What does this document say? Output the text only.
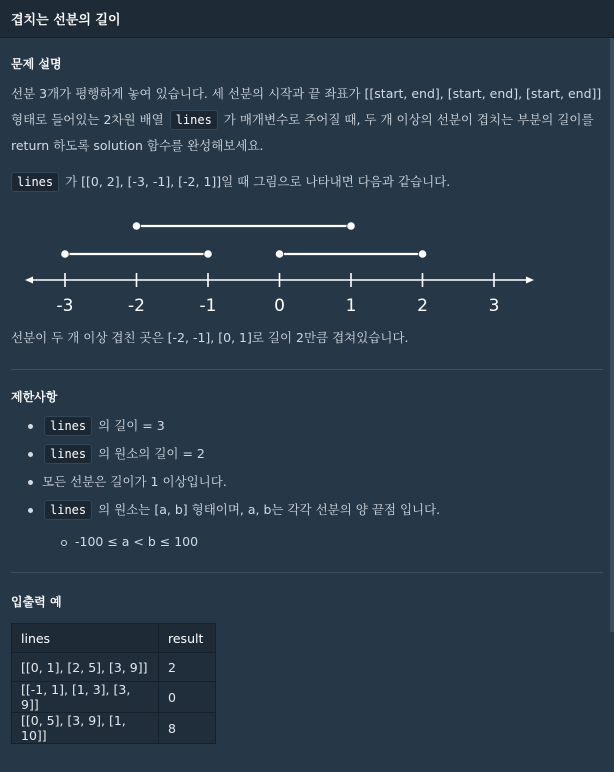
겹치는 선분의 길이
문제 설명

선분 3개가 평행하게 놓여 있습니다. 세 선분의 시작과 끝 좌표가 [[start, end], [start, end], [start, end]]

형태로 들어있는 2차원 배열 lines 가 매개변수로 주어질 때, 두 개 이상의 선분이 겹치는 부분의 길이를

return 하도록 solution 함수를 완성해보세요.

lines 가 [[0, 2], [-3, -1], [-2, 1]]일 때 그림으로 나타내면 다음과 같습니다.

-3	-2	-1	0	1	2	3

선분이 두 개 이상 겹친 곳은 [-2, -1], [0, 1]로 길이 2만큼 겹쳐있습니다.

제한사항
lines 의 길이 = 3
lines 의 원소의 길이 = 2
모든 선분은 길이가 1 이상입니다.
lines 의 원소는 [a, b] 형태이며, a, b는 각각 선분의 양 끝점 입니다.
-100 ≤ a < b ≤ 100
입출력 예
lines	result
[[0, 1], [2, 5], [3, 9]]	2
[[-1, 1], [1, 3], [3, 9]]	0
[[0, 5], [3, 9], [1, 10]]	8
